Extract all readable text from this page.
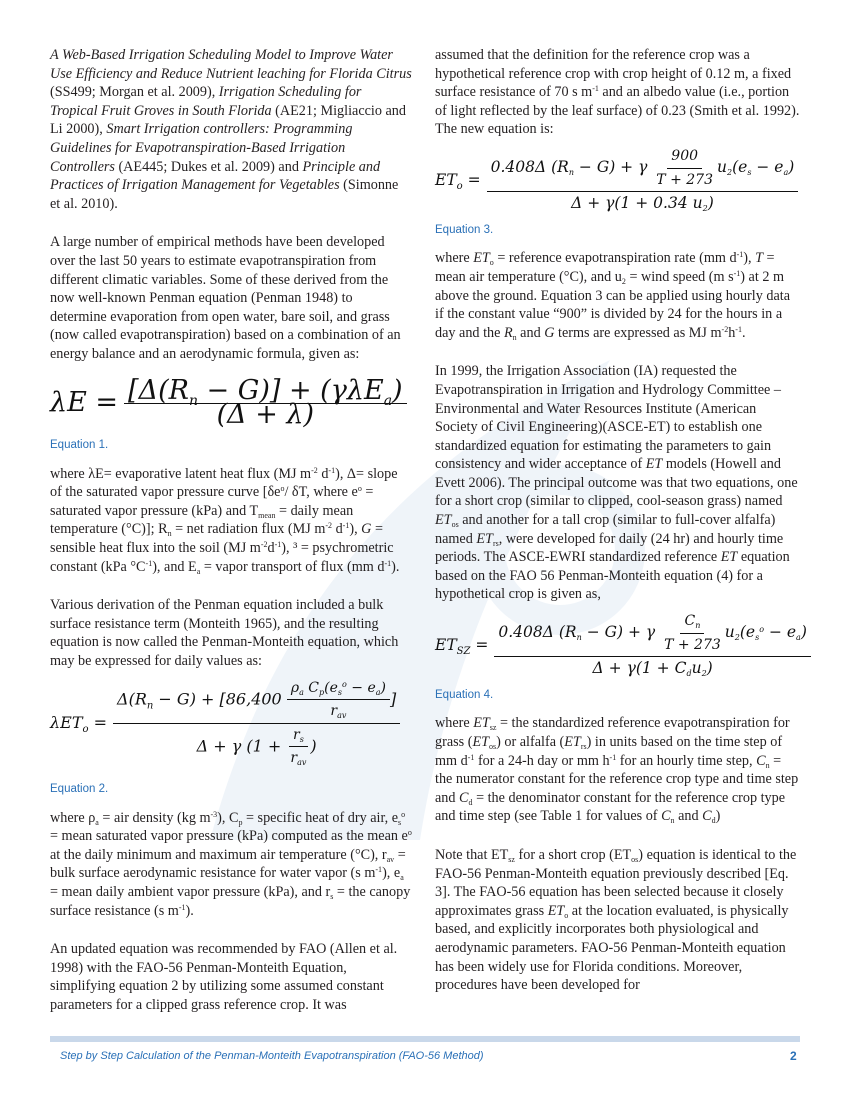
A Web-Based Irrigation Scheduling Model to Improve Water Use Efficiency and Reduce Nutrient leaching for Florida Citrus (SS499; Morgan et al. 2009), Irrigation Scheduling for Tropical Fruit Groves in South Florida (AE21; Migliaccio and Li 2000), Smart Irrigation controllers: Programming Guidelines for Evapotranspiration-Based Irrigation Controllers (AE445; Dukes et al. 2009) and Principle and Practices of Irrigation Management for Vegetables (Simonne et al. 2010).

A large number of empirical methods have been developed over the last 50 years to estimate evapotranspiration from different climatic variables. Some of these derived from the now well-known Penman equation (Penman 1948) to determine evaporation from open water, bare soil, and grass (now called evapotranspiration) based on a combination of an energy balance and an aerodynamic formula, given as:

$\lambda E = \frac{[\Delta(R_n - G)] + (\gamma\lambda E_a)}{(\Delta + \lambda)}$
Equation 1.

where λE= evaporative latent heat flux (MJ $m^{-2}$ $d^{-1}$), Δ= slope of the saturated vapor pressure curve [$\delta e^o/$ δT, where $e^o$ = saturated vapor pressure (kPa) and $T_{mean}$ = daily mean temperature (°C)]; $R_n$ = net radiation flux (MJ $m^{-2}$ $d^{-1}$), G = sensible heat flux into the soil (MJ $m^{-2}d^{-1}$), ³ = psychrometric constant (kPa $^\circ C^{-1}$), and $E_a$ = vapor transport of flux (mm $d^{-1}$).

Various derivation of the Penman equation included a bulk surface resistance term (Monteith 1965), and the resulting equation is now called the Penman-Monteith equation, which may be expressed for daily values as:

$\lambda ET_o = \frac{\Delta(R_n - G) + [86,400 \frac{\rho_a C_p(e_s^o - e_a)}{r_{av}} ]}{\Delta + \gamma (1 + \frac{r_s}{r_{av}} )}$
Equation 2.

where $\rho_a$ = air density (kg $m^{-3}$), $C_p$ = specific heat of dry air, $e_s^o$ = mean saturated vapor pressure (kPa) computed as the mean $e^o$ at the daily minimum and maximum air temperature (°C), $r_{av}$ = bulk surface aerodynamic resistance for water vapor (s $m^{-1}$), $e_a$ = mean daily ambient vapor pressure (kPa), and $r_s$ = the canopy surface resistance (s $m^{-1}$).

An updated equation was recommended by FAO (Allen et al. 1998) with the FAO-56 Penman-Monteith Equation, simplifying equation 2 by utilizing some assumed constant parameters for a clipped grass reference crop. It was

assumed that the definition for the reference crop was a hypothetical reference crop with crop height of 0.12 m, a fixed surface resistance of 70 s $m^{-1}$ and an albedo value (i.e., portion of light reflected by the leaf surface) of 0.23 (Smith et al. 1992). The new equation is:

$ET_o = \frac{0.408\Delta (R_n - G) + \gamma \frac{900}{T + 273} u_2(e_s - e_a)}{\Delta + \gamma(1 + 0.34 u_2)}$
Equation 3.

where $ET_o$ = reference evapotranspiration rate (mm $d^{-1}$), T = mean air temperature (°C), and $u_2$ = wind speed (m $s^{-1}$) at 2 m above the ground. Equation 3 can be applied using hourly data if the constant value “900” is divided by 24 for the hours in a day and the $R_n$ and G terms are expressed as MJ $m^{-2}h^{-1}$.

In 1999, the Irrigation Association (IA) requested the Evapotranspiration in Irrigation and Hydrology Committee – Environmental and Water Resources Institute (American Society of Civil Engineering)(ASCE-ET) to establish one standardized equation for estimating the parameters to gain consistency and wider acceptance of ET models (Howell and Evett 2006). The principal outcome was that two equations, one for a short crop (similar to clipped, cool-season grass) named $ET_{os}$ and another for a tall crop (similar to full-cover alfalfa) named $ET_{rs}$, were developed for daily (24 hr) and hourly time periods. The ASCE-EWRI standardized reference ET equation based on the FAO 56 Penman-Monteith equation (4) for a hypothetical crop is given as,

$ET_{SZ} = \frac{0.408\Delta (R_n - G) + \gamma \frac{C_n}{T + 273} u_2(e_s^o - e_a)}{\Delta + \gamma(1 + C_du_2)}$
Equation 4.

where $ET_{sz}$ = the standardized reference evapotranspiration for grass $(ET_{os})$ or alfalfa $(ET_{rs})$ in units based on the time step of mm $d^{-1}$ for a 24-h day or mm $h^{-1}$ for an hourly time step, $C_n$ = the numerator constant for the reference crop type and time step and $C_d$ = the denominator constant for the reference crop type and time step (see Table 1 for values of $C_n$ and $C_d$)

Note that $ET_{sz}$ for a short crop $(ET_{os})$ equation is identical to the FAO-56 Penman-Monteith equation previously described [Eq. 3]. The FAO-56 equation has been selected because it closely approximates grass $ET_o$ at the location evaluated, is physically based, and explicitly incorporates both physiological and aerodynamic parameters. FAO-56 Penman-Monteith equation has been widely use for Florida conditions. Moreover, procedures have been developed for

Step by Step Calculation of the Penman-Monteith Evapotranspiration (FAO-56 Method)	2
